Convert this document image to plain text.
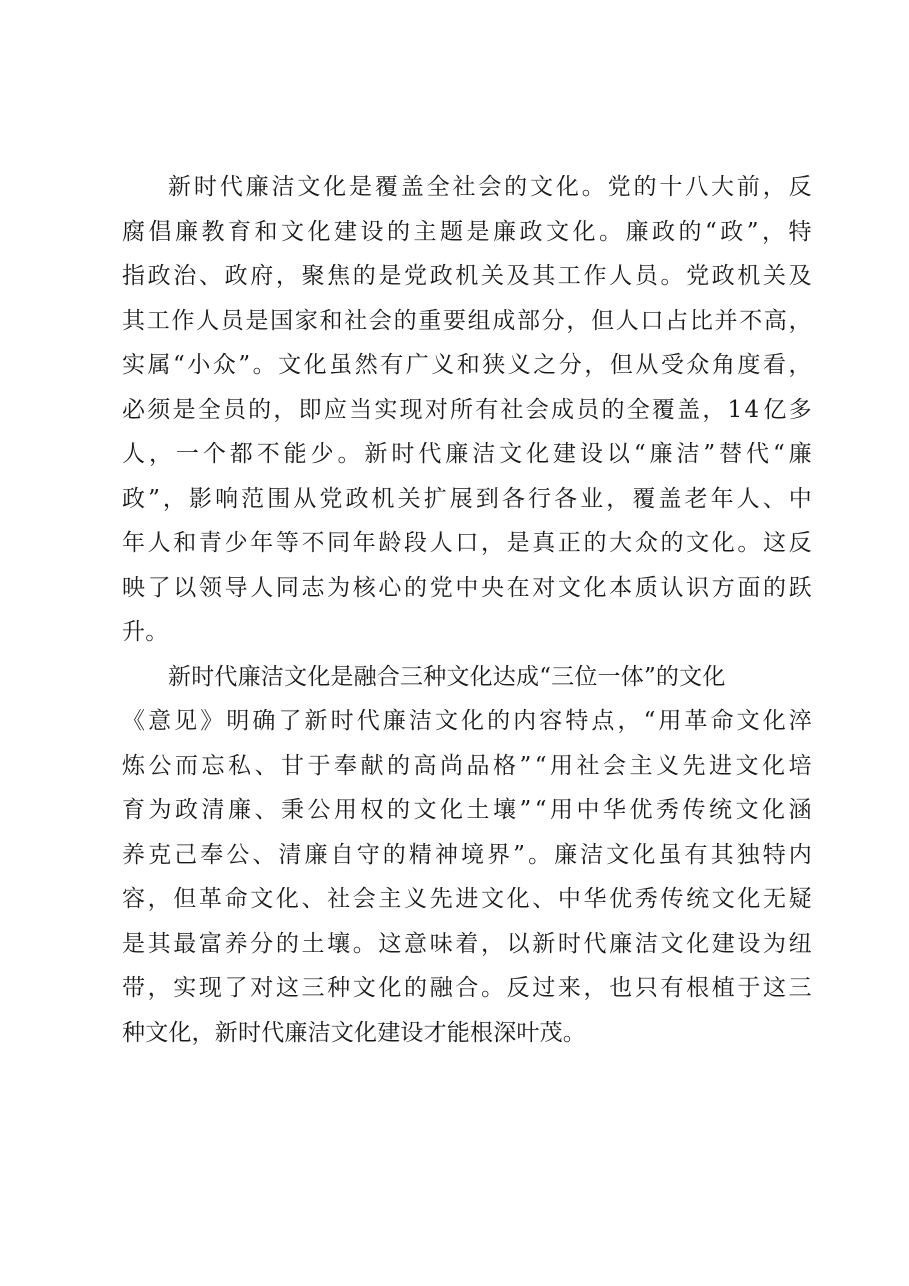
新 时 代 廉 洁 文 化 是 覆 盖 全 社 会 的 文 化 。 党 的 十 八 大 前 ， 反
腐 倡 廉 教 育 和 文 化 建 设 的 主 题 是 廉 政 文 化 。 廉 政 的 “ 政 ” ， 特
指 政 治 、 政 府 ， 聚 焦 的 是 党 政 机 关 及 其 工 作 人 员 。 党 政 机 关 及
其 工 作 人 员 是 国 家 和 社 会 的 重 要 组 成 部 分 ， 但 人 口 占 比 并 不 高 ，
实 属 “ 小 众 ” 。 文 化 虽 然 有 广 义 和 狭 义 之 分 ， 但 从 受 众 角 度 看 ，
必 须 是 全 员 的 ， 即 应 当 实 现 对 所 有 社 会 成 员 的 全 覆 盖 ， 1 4 亿 多
人 ， 一 个 都 不 能 少 。 新 时 代 廉 洁 文 化 建 设 以 “ 廉 洁 ” 替 代 “ 廉
政 ” ， 影 响 范 围 从 党 政 机 关 扩 展 到 各 行 各 业 ， 覆 盖 老 年 人 、 中
年 人 和 青 少 年 等 不 同 年 龄 段 人 口 ， 是 真 正 的 大 众 的 文 化 。 这 反
映 了 以 领 导 人 同 志 为 核 心 的 党 中 央 在 对 文 化 本 质 认 识 方 面 的 跃
升。
新时代廉洁文化是融合三种文化达成“三位一体”的文化
《 意 见 》 明 确 了 新 时 代 廉 洁 文 化 的 内 容 特 点 ， “ 用 革 命 文 化 淬
炼 公 而 忘 私 、 甘 于 奉 献 的 高 尚 品 格 ” “ 用 社 会 主 义 先 进 文 化 培
育 为 政 清 廉 、 秉 公 用 权 的 文 化 土 壤 ” “ 用 中 华 优 秀 传 统 文 化 涵
养 克 己 奉 公 、 清 廉 自 守 的 精 神 境 界 ” 。 廉 洁 文 化 虽 有 其 独 特 内
容 ， 但 革 命 文 化 、 社 会 主 义 先 进 文 化 、 中 华 优 秀 传 统 文 化 无 疑
是 其 最 富 养 分 的 土 壤 。 这 意 味 着 ， 以 新 时 代 廉 洁 文 化 建 设 为 纽
带 ， 实 现 了 对 这 三 种 文 化 的 融 合 。 反 过 来 ， 也 只 有 根 植 于 这 三
种文化，新时代廉洁文化建设才能根深叶茂。
